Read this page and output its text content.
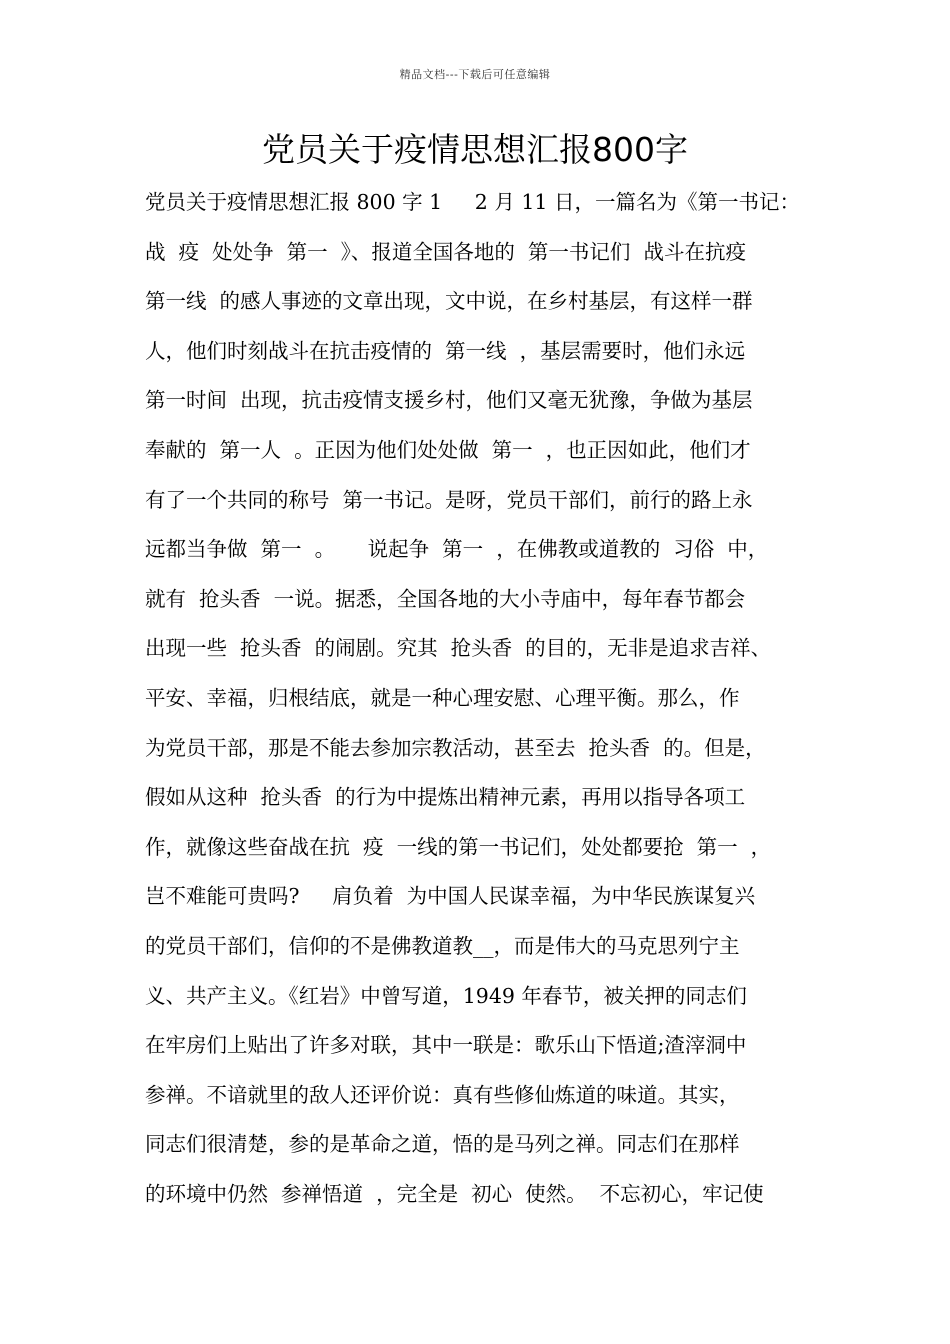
精品文档---下载后可任意编辑
党员关于疫情思想汇报800字
党员关于疫情思想汇报 800 字 1     2 月 11 日，一篇名为《第一书记：
战  疫  处处争  第一  》、报道全国各地的  第一书记们  战斗在抗疫
第一线  的感人事迹的文章出现，文中说，在乡村基层，有这样一群
人，他们时刻战斗在抗击疫情的  第一线  ，基层需要时，他们永远
第一时间  出现，抗击疫情支援乡村，他们又毫无犹豫，争做为基层
奉献的  第一人  。正因为他们处处做  第一  ，也正因如此，他们才
有了一个共同的称号  第一书记。是呀，党员干部们，前行的路上永
远都当争做  第一  。     说起争  第一  ，在佛教或道教的  习俗  中，
就有  抢头香  一说。据悉，全国各地的大小寺庙中，每年春节都会
出现一些  抢头香  的闹剧。究其  抢头香  的目的，无非是追求吉祥、
平安、幸福，归根结底，就是一种心理安慰、心理平衡。那么，作
为党员干部，那是不能去参加宗教活动，甚至去  抢头香  的。但是，
假如从这种  抢头香  的行为中提炼出精神元素，再用以指导各项工
作，就像这些奋战在抗  疫  一线的第一书记们，处处都要抢  第一  ，
岂不难能可贵吗?     肩负着  为中国人民谋幸福，为中华民族谋复兴
的党员干部们，信仰的不是佛教道教__，而是伟大的马克思列宁主
义、共产主义。《红岩》中曾写道，1949 年春节，被关押的同志们
在牢房们上贴出了许多对联，其中一联是：歌乐山下悟道;渣滓洞中
参禅。不谙就里的敌人还评价说：真有些修仙炼道的味道。其实，
同志们很清楚，参的是革命之道，悟的是马列之禅。同志们在那样
的环境中仍然  参禅悟道  ，完全是  初心  使然。  不忘初心，牢记使
